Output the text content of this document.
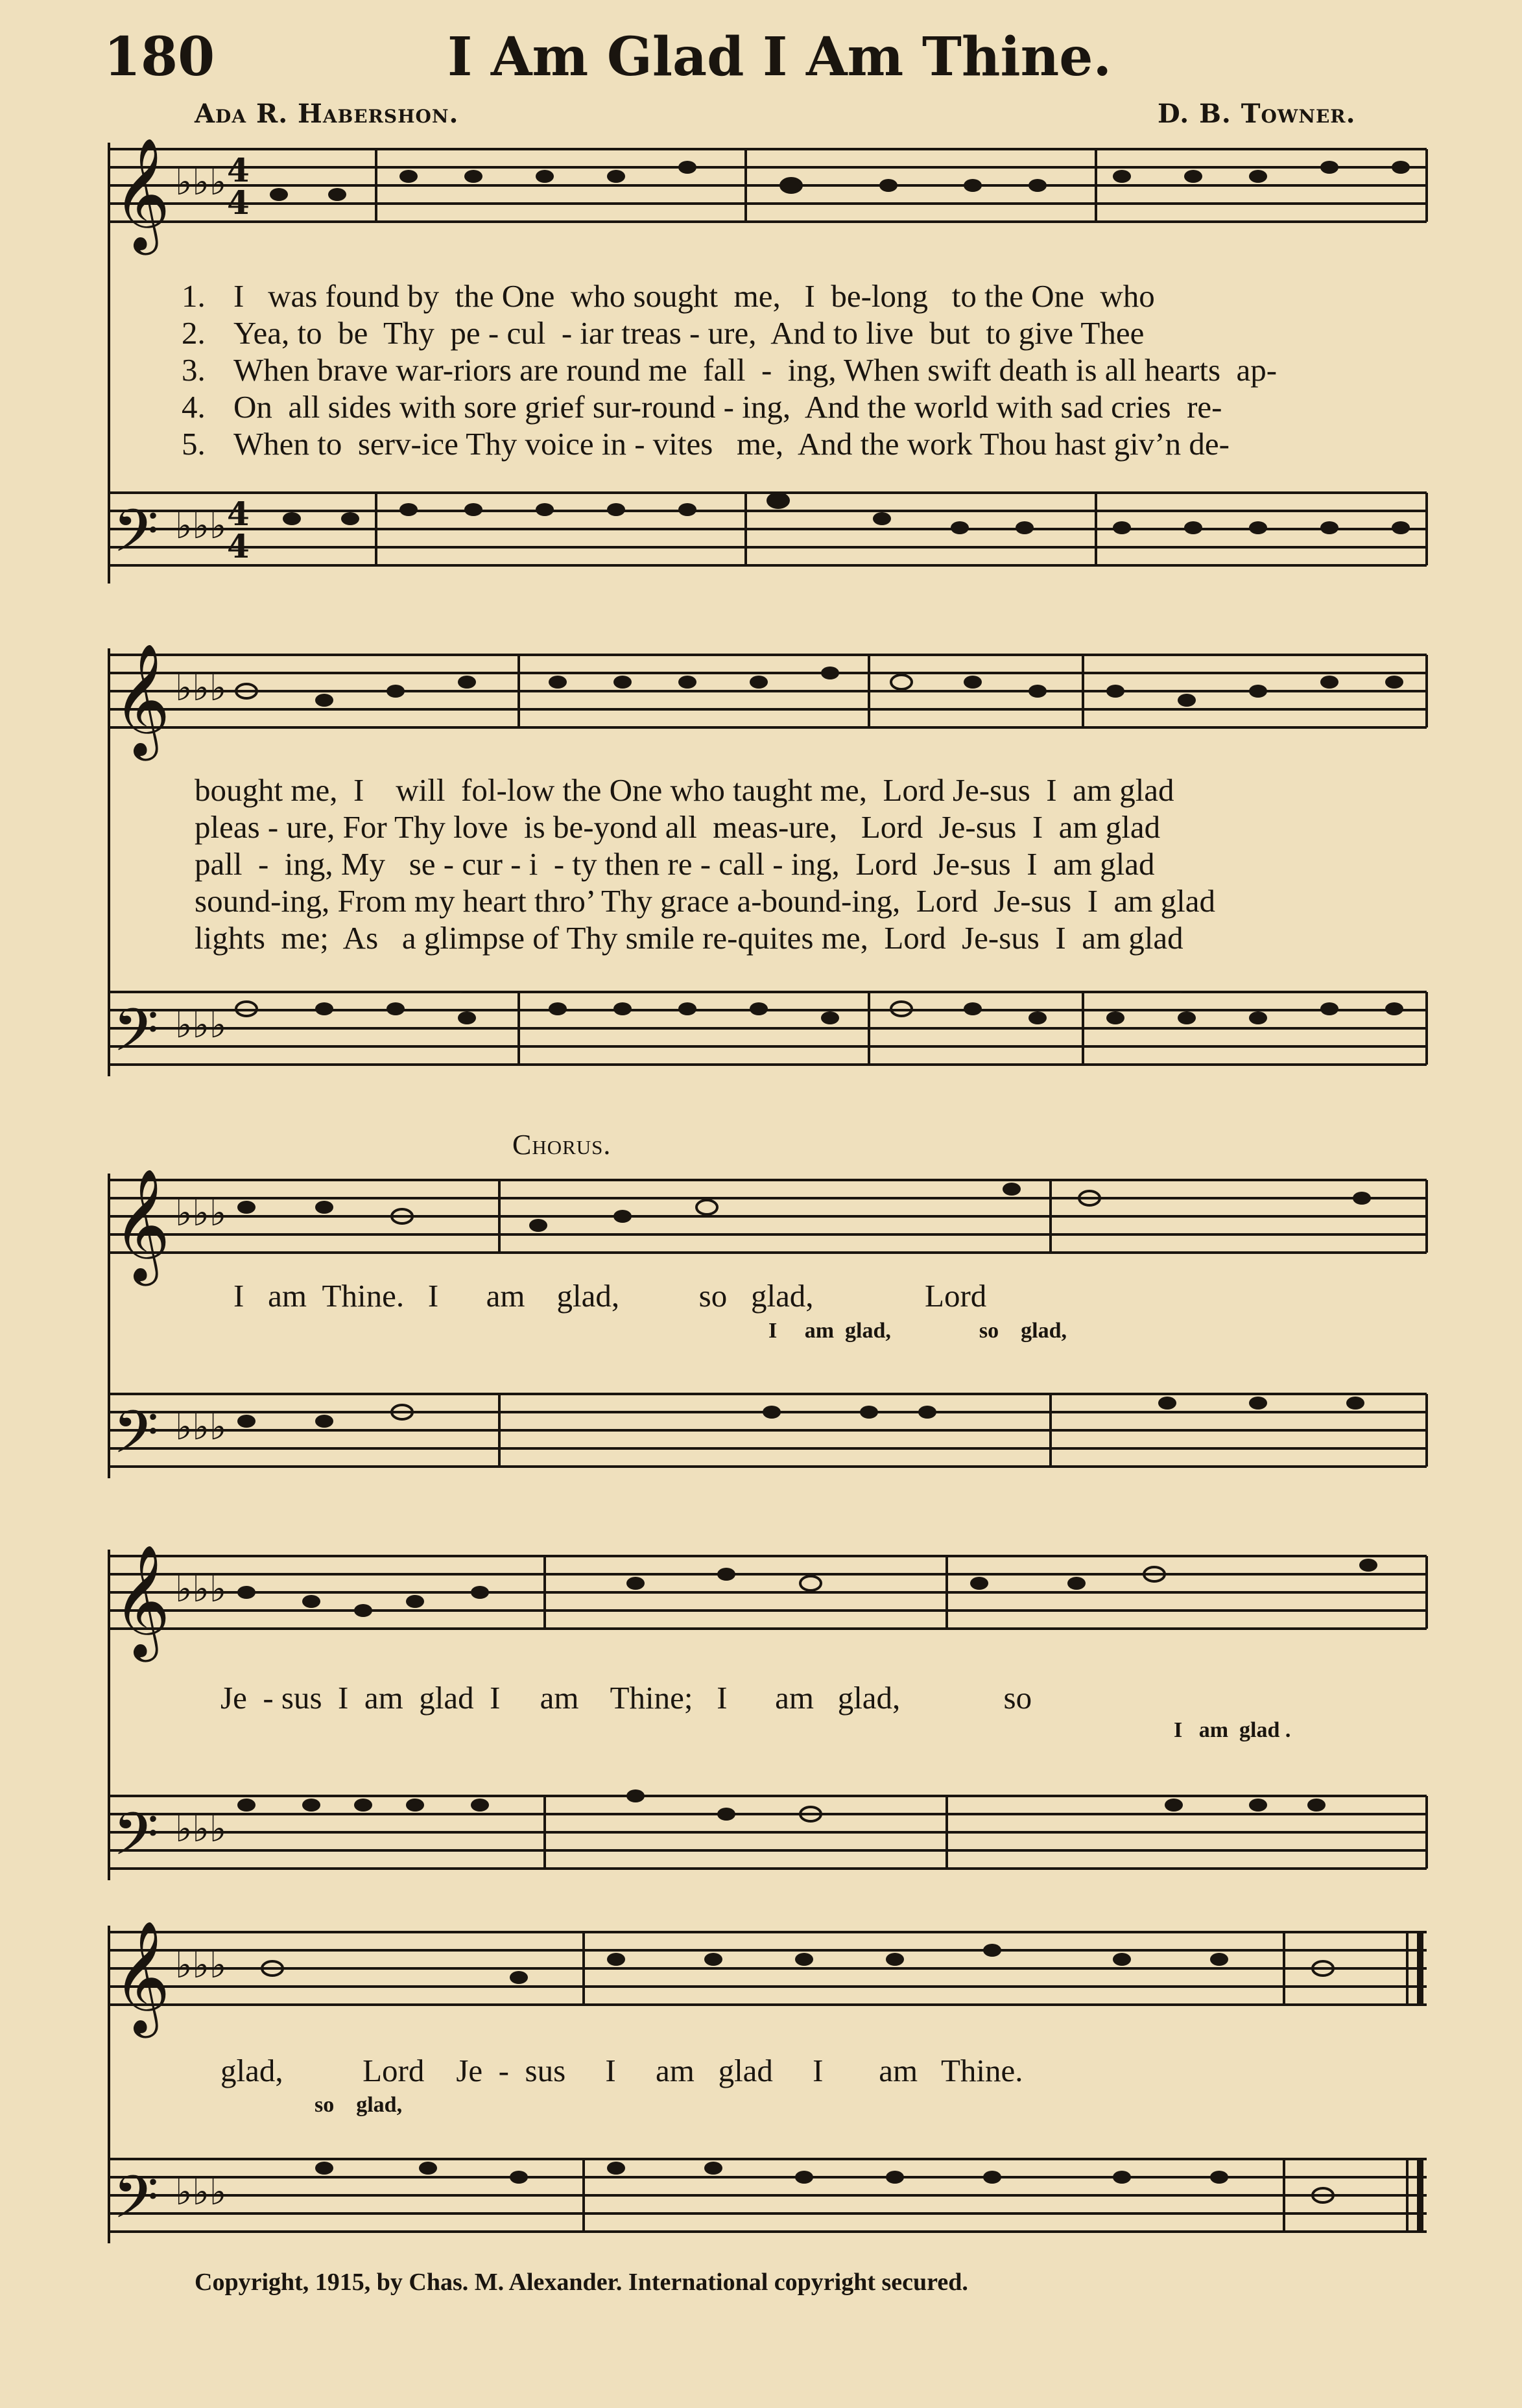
180	I Am Glad I Am Thine.
Ada R. Habershon.	D. B. Towner.
𝄞
𝄢
♭♭♭
♭♭♭
4
4
4
4
1. I   was found by  the One  who sought  me,   I  be-long   to the One  who
2. Yea, to  be  Thy  pe - cul  - iar treas - ure,  And to live  but  to give Thee
3. When brave war-riors are round me  fall  -  ing, When swift death is all hearts  ap-
4. On  all sides with sore grief sur-round - ing,  And the world with sad cries  re-
5. When to  serv-ice Thy voice in - vites   me,  And the work Thou hast giv’n de-
𝄞
𝄢
♭♭♭
♭♭♭
bought me,  I    will  fol-low the One who taught me,  Lord Je-sus  I  am glad
pleas - ure, For Thy love  is be-yond all  meas-ure,   Lord  Je-sus  I  am glad
pall  -  ing, My   se - cur - i  - ty then re - call - ing,  Lord  Je-sus  I  am glad
sound-ing, From my heart thro’ Thy grace a-bound-ing,  Lord  Je-sus  I  am glad
lights  me;  As   a glimpse of Thy smile re-quites me,  Lord  Je-sus  I  am glad
𝄞
𝄢
♭♭♭
♭♭♭
Chorus.
I   am  Thine.   I      am    glad,          so   glad,              Lord
I     am  glad,                so    glad,
𝄞
𝄢
♭♭♭
♭♭♭
Je  - sus  I  am  glad  I     am    Thine;   I      am   glad,             so
I   am  glad .
𝄞
𝄢
♭♭♭
♭♭♭
glad,          Lord    Je  -  sus     I     am   glad     I       am   Thine.
so    glad,
Copyright, 1915, by Chas. M. Alexander. International copyright secured.
